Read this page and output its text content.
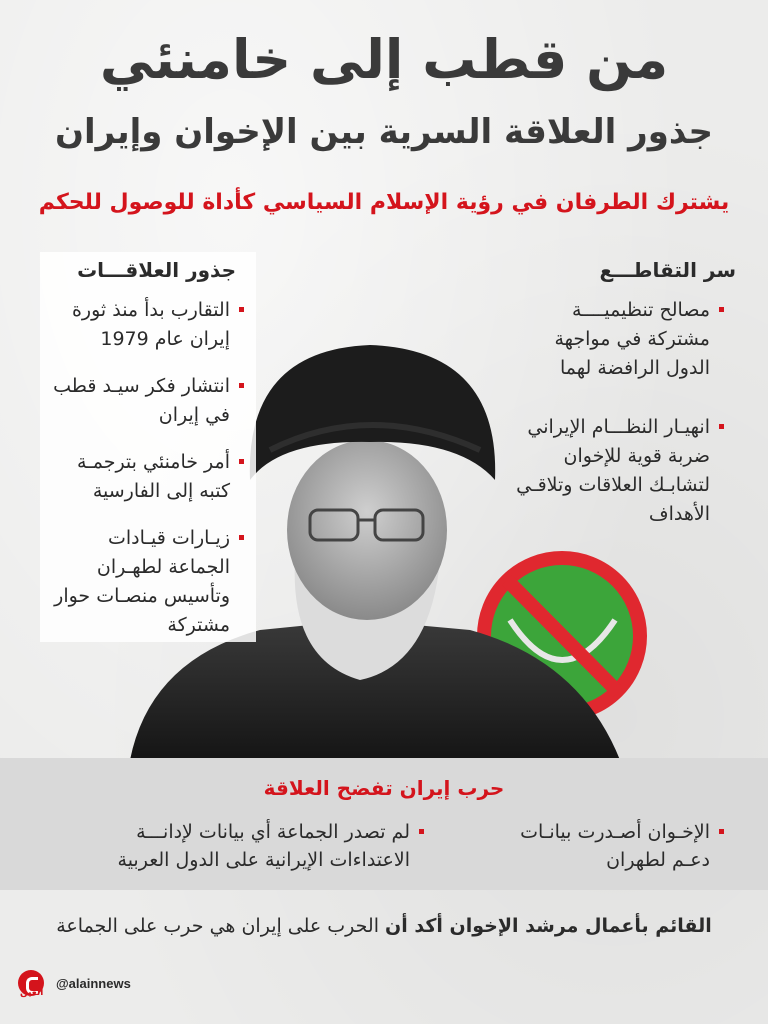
من قطب إلى خامنئي
جذور العلاقة السرية بين الإخوان وإيران

يشترك الطرفان في رؤية الإسلام السياسي كأداة للوصول للحكم

جذور العلاقـــات
التقارب بدأ منذ ثورة إيران عام 1979
انتشار فكر سيـد قطب في إيران
أمر خامنئي بترجمـة كتبه إلى الفارسية
زيـارات قيـادات الجماعة لطهـران وتأسيس منصـات حوار مشتركة
سر التقاطـــع
مصالح تنظيميــــة مشتركة في مواجهة الدول الرافضة لهما
انهيـار النظـــام الإيراني ضربة قوية للإخوان لتشابـك العلاقات وتلاقـي الأهداف
حرب إيران تفضح العلاقة
الإخـوان أصـدرت بيانـات دعـم لطهران
لم تصدر الجماعة أي بيانات لإدانـــة الاعتداءات الإيرانية على الدول العربية
القائم بأعمال مرشد الإخوان أكد أن الحرب على إيران هي حرب على الجماعة
العين
@alainnews
